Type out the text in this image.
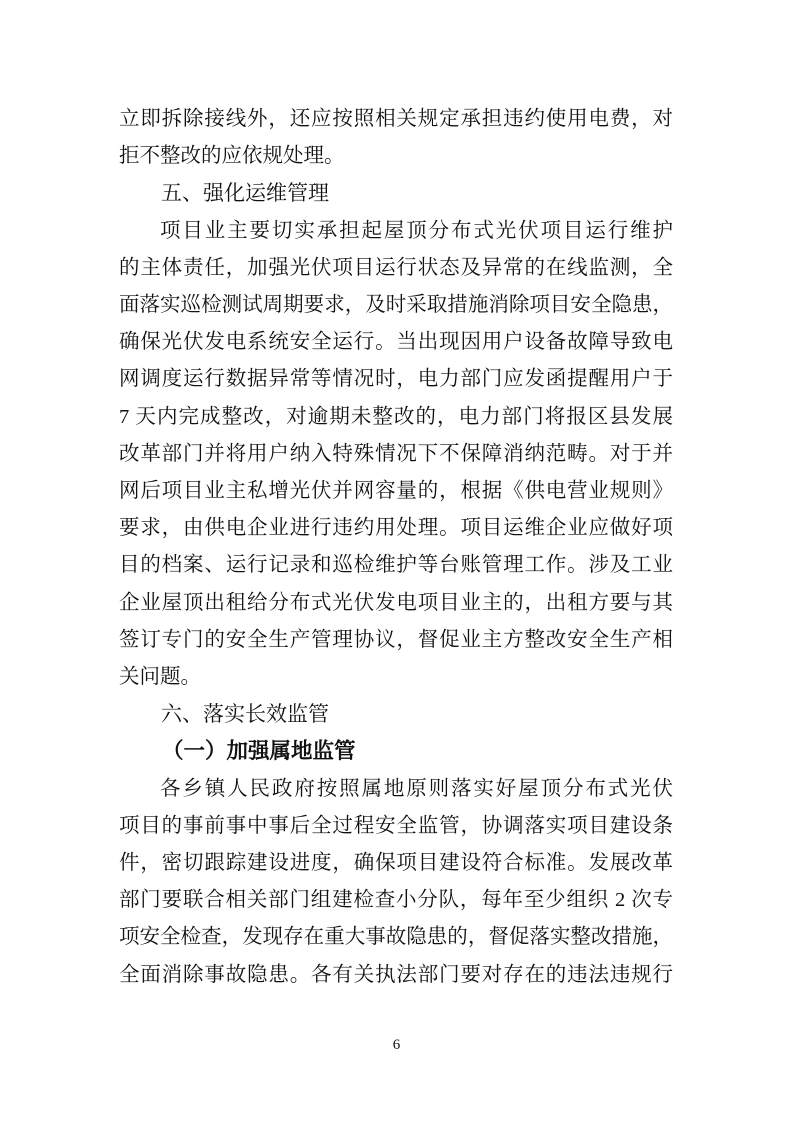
立即拆除接线外，还应按照相关规定承担违约使用电费，对
拒不整改的应依规处理。
五、强化运维管理
项目业主要切实承担起屋顶分布式光伏项目运行维护
的主体责任，加强光伏项目运行状态及异常的在线监测，全
面落实巡检测试周期要求，及时采取措施消除项目安全隐患，
确保光伏发电系统安全运行。当出现因用户设备故障导致电
网调度运行数据异常等情况时，电力部门应发函提醒用户于
7 天内完成整改，对逾期未整改的，电力部门将报区县发展
改革部门并将用户纳入特殊情况下不保障消纳范畴。对于并
网后项目业主私增光伏并网容量的，根据《供电营业规则》
要求，由供电企业进行违约用处理。项目运维企业应做好项
目的档案、运行记录和巡检维护等台账管理工作。涉及工业
企业屋顶出租给分布式光伏发电项目业主的，出租方要与其
签订专门的安全生产管理协议，督促业主方整改安全生产相
关问题。
六、落实长效监管
（一）加强属地监管
各乡镇人民政府按照属地原则落实好屋顶分布式光伏
项目的事前事中事后全过程安全监管，协调落实项目建设条
件，密切跟踪建设进度，确保项目建设符合标准。发展改革
部门要联合相关部门组建检查小分队，每年至少组织 2 次专
项安全检查，发现存在重大事故隐患的，督促落实整改措施，
全面消除事故隐患。各有关执法部门要对存在的违法违规行
6
